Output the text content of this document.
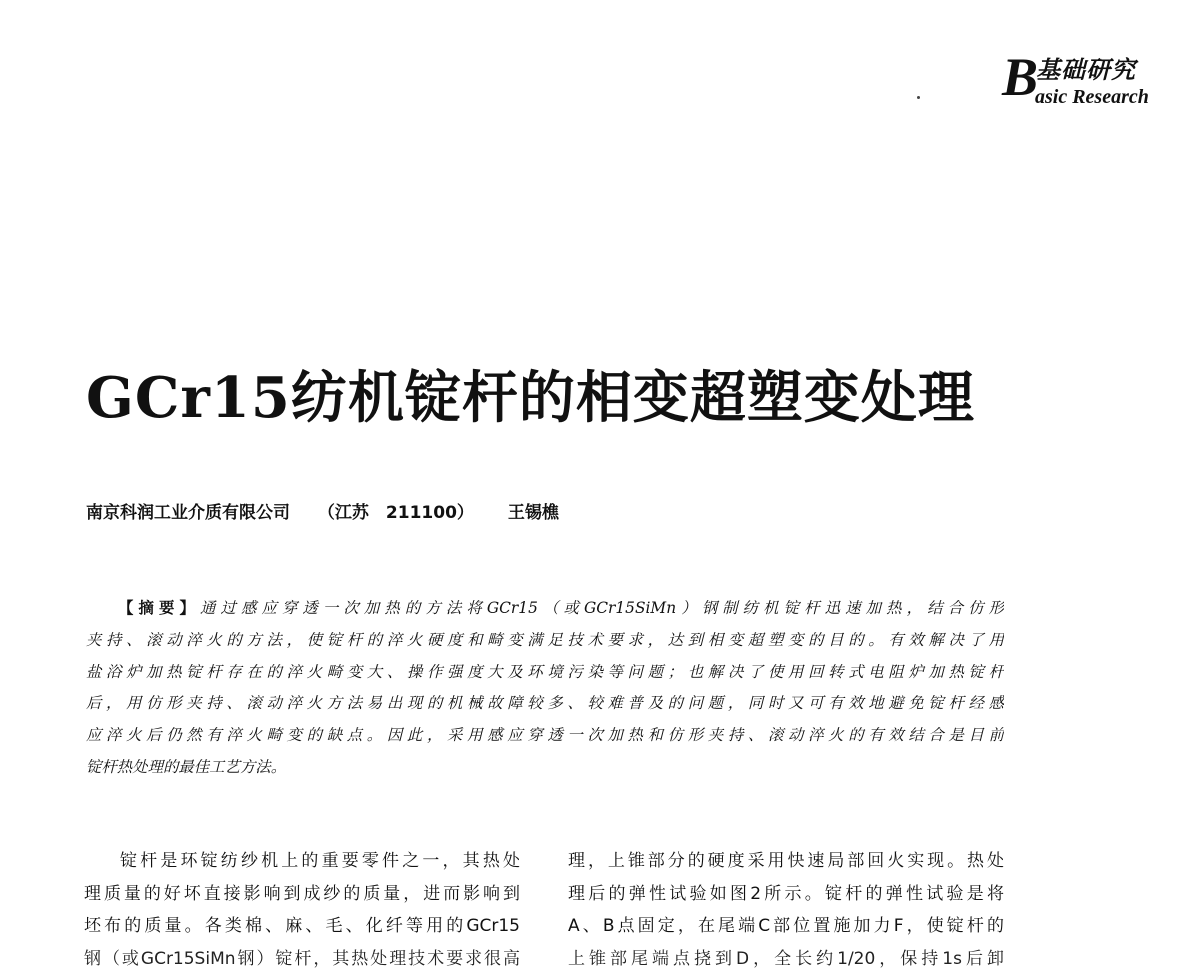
B
基础研究
asic Research
GCr15纺机锭杆的相变超塑变处理
南京科润工业介质有限公司 （江苏　211100） 王锡樵
【摘要】通过感应穿透一次加热的方法将GCr15（或GCr15SiMn）钢制纺机锭杆迅速加热，结合仿形
夹持、滚动淬火的方法，使锭杆的淬火硬度和畸变满足技术要求，达到相变超塑变的目的。有效解决了用
盐浴炉加热锭杆存在的淬火畸变大、操作强度大及环境污染等问题；也解决了使用回转式电阻炉加热锭杆
后，用仿形夹持、滚动淬火方法易出现的机械故障较多、较难普及的问题，同时又可有效地避免锭杆经感
应淬火后仍然有淬火畸变的缺点。因此，采用感应穿透一次加热和仿形夹持、滚动淬火的有效结合是目前
锭杆热处理的最佳工艺方法。
锭杆是环锭纺纱机上的重要零件之一，其热处
理质量的好坏直接影响到成纱的质量，进而影响到
坯布的质量。各类棉、麻、毛、化纤等用的GCr15
钢（或GCr15SiMn钢）锭杆，其热处理技术要求很高
理，上锥部分的硬度采用快速局部回火实现。热处
理后的弹性试验如图2所示。锭杆的弹性试验是将
A、B点固定，在尾端C部位置施加力F，使锭杆的
上锥部尾端点挠到D，全长约1/20，保持1s后卸
